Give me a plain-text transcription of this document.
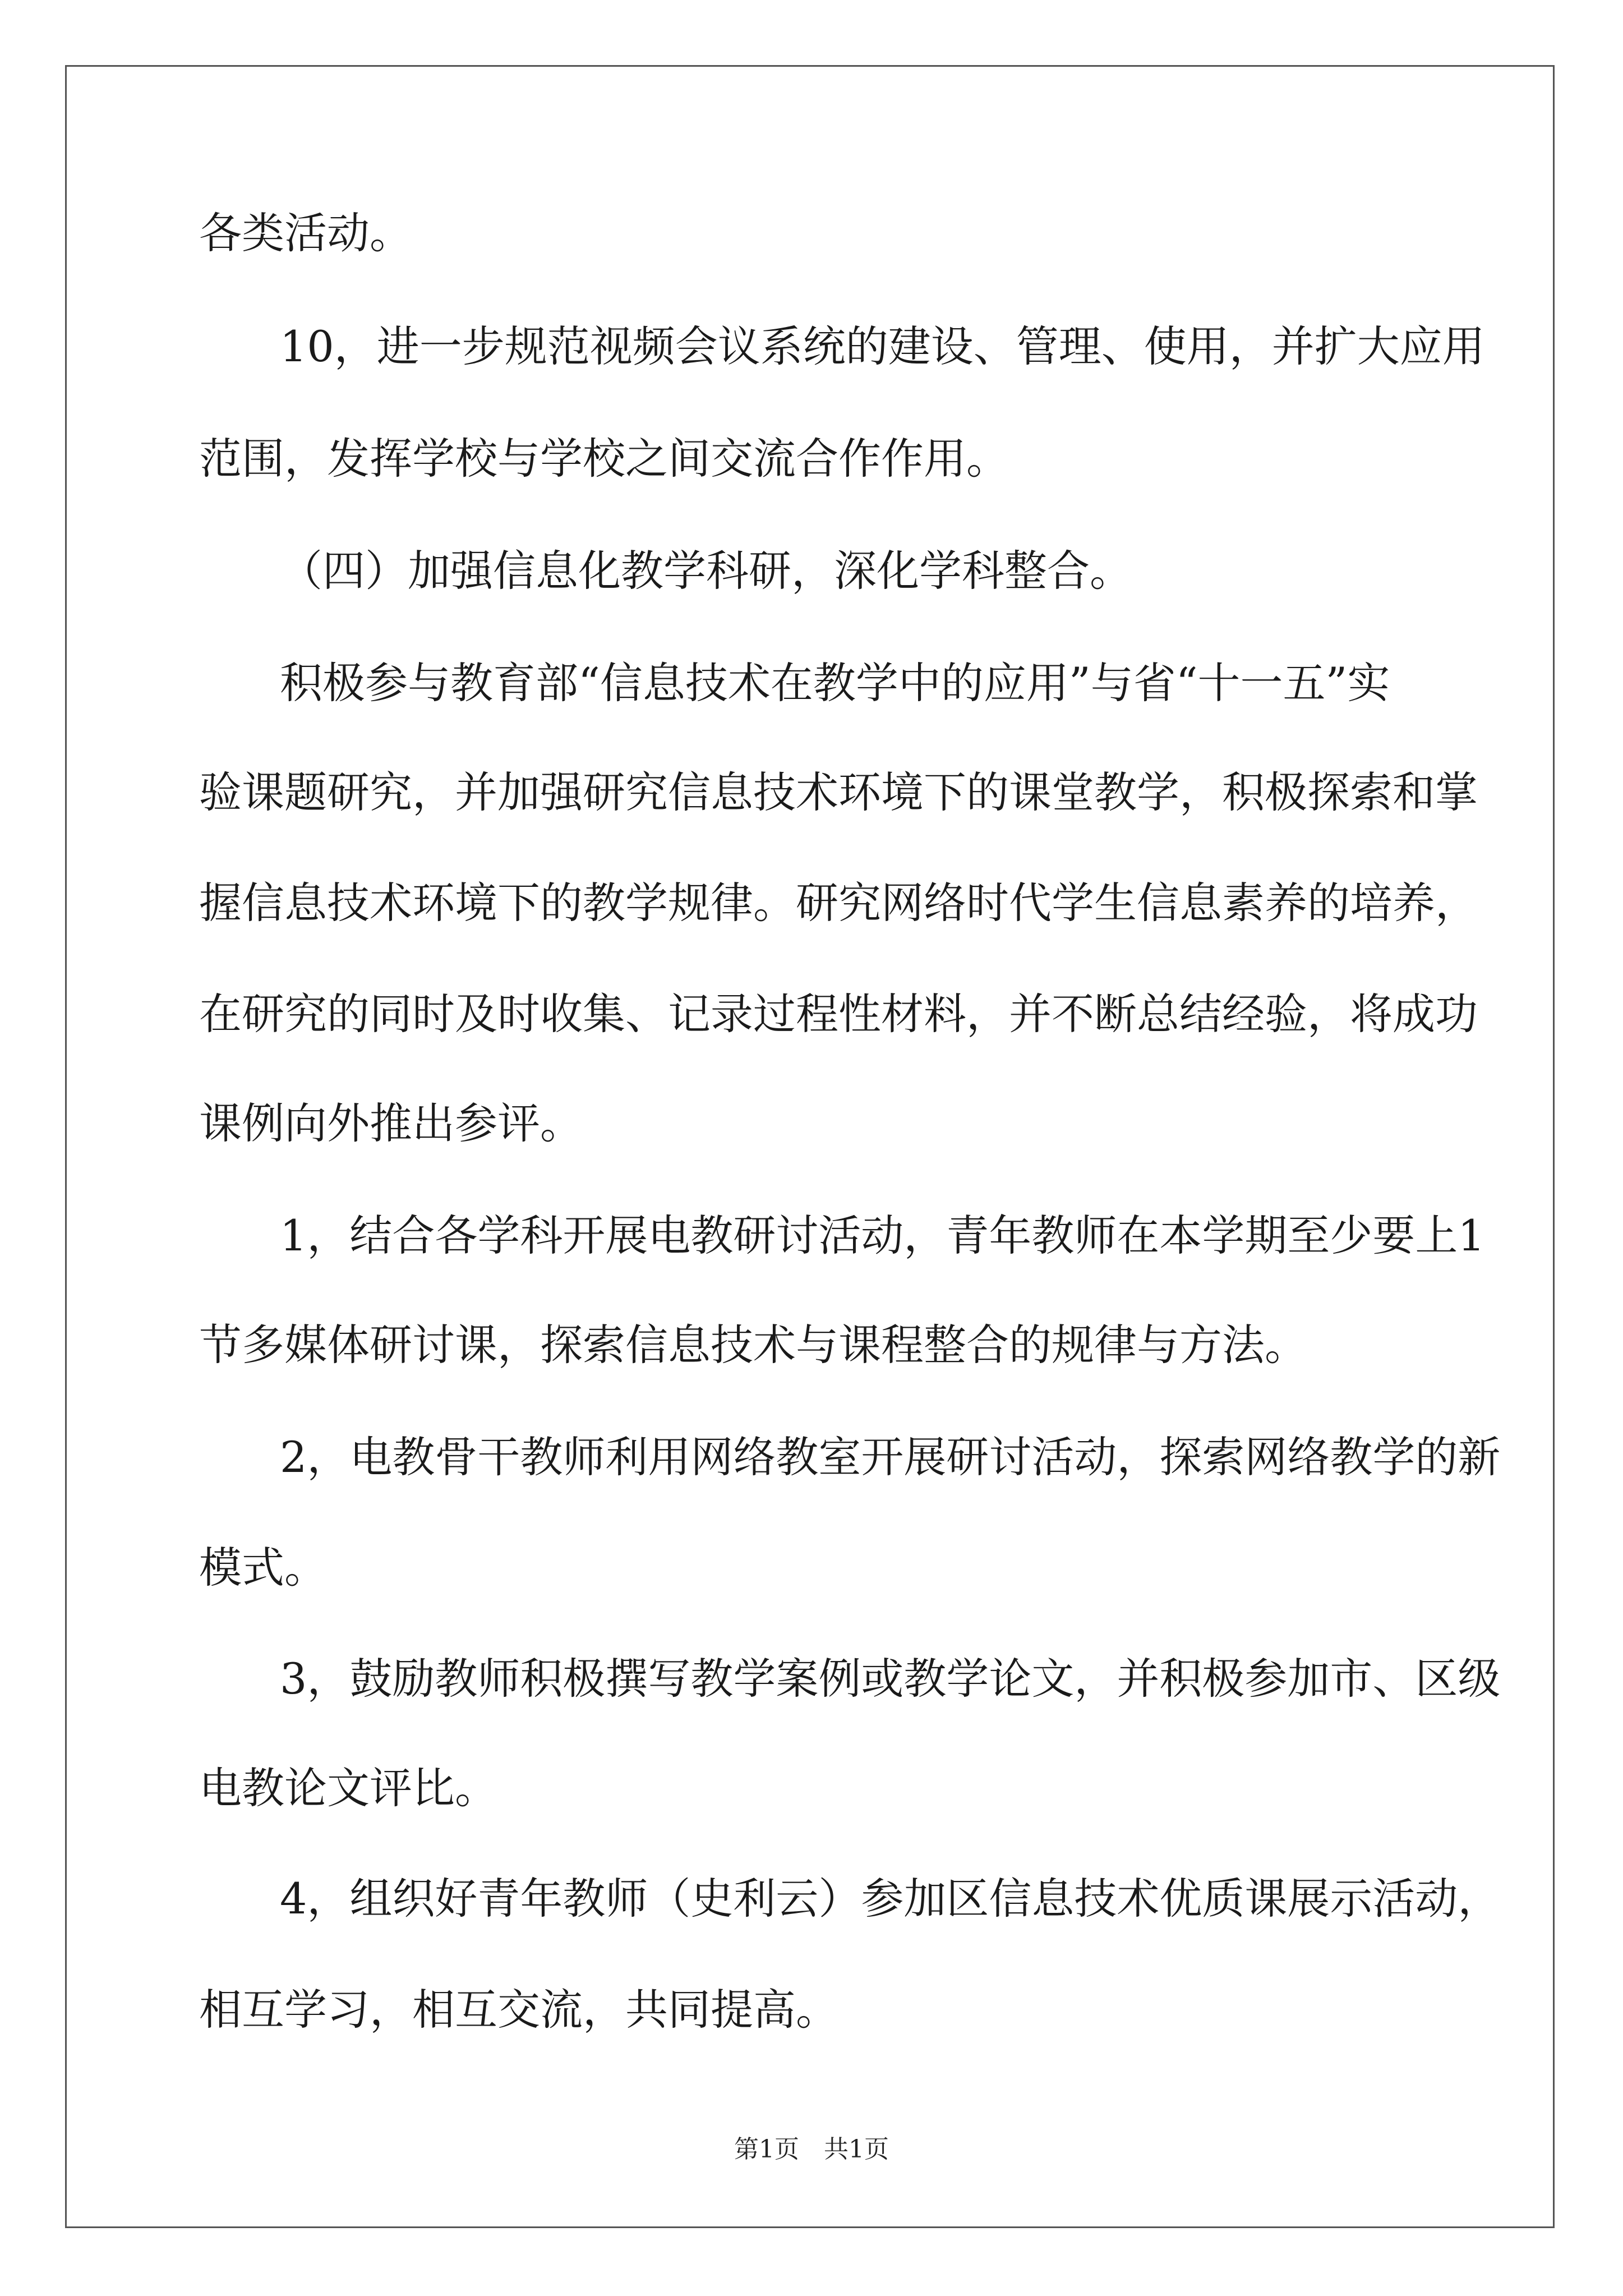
各类活动。
10，进一步规范视频会议系统的建设、管理、使用，并扩大应用
范围，发挥学校与学校之间交流合作作用。
（四）加强信息化教学科研，深化学科整合。
积极参与教育部“信息技术在教学中的应用”与省“十一五”实
验课题研究，并加强研究信息技术环境下的课堂教学，积极探索和掌
握信息技术环境下的教学规律。研究网络时代学生信息素养的培养，
在研究的同时及时收集、记录过程性材料，并不断总结经验，将成功
课例向外推出参评。
1，结合各学科开展电教研讨活动，青年教师在本学期至少要上1
节多媒体研讨课，探索信息技术与课程整合的规律与方法。
2，电教骨干教师利用网络教室开展研讨活动，探索网络教学的新
模式。
3，鼓励教师积极撰写教学案例或教学论文，并积极参加市、区级
电教论文评比。
4，组织好青年教师（史利云）参加区信息技术优质课展示活动，
相互学习，相互交流，共同提高。
第1页　共1页
